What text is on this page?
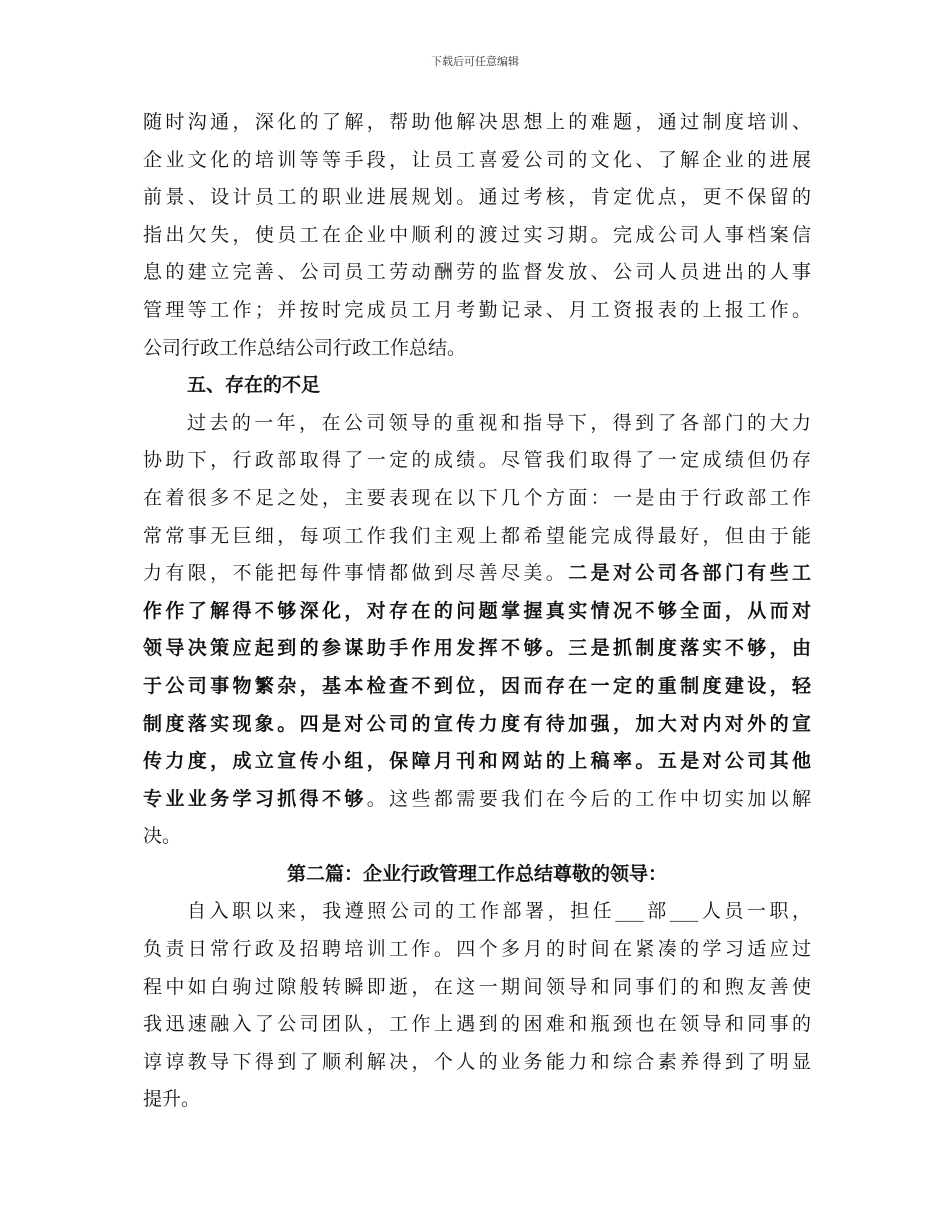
下载后可任意编辑
随时沟通，深化的了解，帮助他解决思想上的难题，通过制度培训、
企业文化的培训等等手段，让员工喜爱公司的文化、了解企业的进展
前景、设计员工的职业进展规划。通过考核，肯定优点，更不保留的
指出欠失，使员工在企业中顺利的渡过实习期。完成公司人事档案信
息的建立完善、公司员工劳动酬劳的监督发放、公司人员进出的人事
管理等工作；并按时完成员工月考勤记录、月工资报表的上报工作。
公司行政工作总结公司行政工作总结。
五、存在的不足
过去的一年，在公司领导的重视和指导下，得到了各部门的大力
协助下，行政部取得了一定的成绩。尽管我们取得了一定成绩但仍存
在着很多不足之处，主要表现在以下几个方面：一是由于行政部工作
常常事无巨细，每项工作我们主观上都希望能完成得最好，但由于能
力有限，不能把每件事情都做到尽善尽美。二是对公司各部门有些工
作作了解得不够深化，对存在的问题掌握真实情况不够全面，从而对
领导决策应起到的参谋助手作用发挥不够。三是抓制度落实不够，由
于公司事物繁杂，基本检查不到位，因而存在一定的重制度建设，轻
制度落实现象。四是对公司的宣传力度有待加强，加大对内对外的宣
传力度，成立宣传小组，保障月刊和网站的上稿率。五是对公司其他
专业业务学习抓得不够。这些都需要我们在今后的工作中切实加以解
决。
第二篇：企业行政管理工作总结尊敬的领导：
自入职以来，我遵照公司的工作部署，担任___部___人员一职，
负责日常行政及招聘培训工作。四个多月的时间在紧凑的学习适应过
程中如白驹过隙般转瞬即逝，在这一期间领导和同事们的和煦友善使
我迅速融入了公司团队，工作上遇到的困难和瓶颈也在领导和同事的
谆谆教导下得到了顺利解决，个人的业务能力和综合素养得到了明显
提升。
